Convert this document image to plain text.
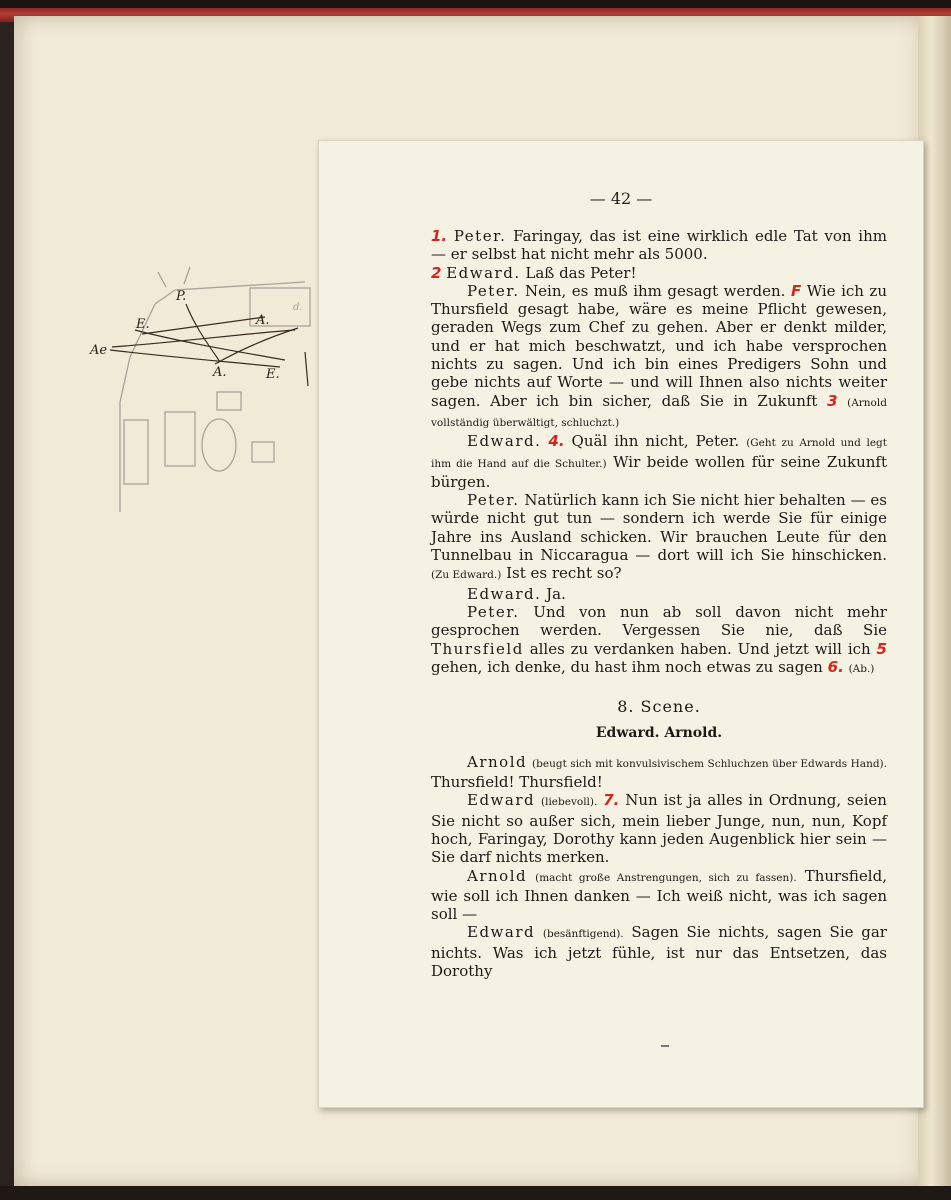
P.
E.	A.
Ae
A.	E.
d.
— 42 —

1. Peter. Faringay, das ist eine wirklich edle Tat von ihm — er selbst hat nicht mehr als 5000.

2 Edward. Laß das Peter!

Peter. Nein, es muß ihm gesagt werden. F Wie ich zu Thursfield gesagt habe, wäre es meine Pflicht gewesen, geraden Wegs zum Chef zu gehen. Aber er denkt milder, und er hat mich beschwatzt, und ich habe versprochen nichts zu sagen. Und ich bin eines Predigers Sohn und gebe nichts auf Worte — und will Ihnen also nichts weiter sagen. Aber ich bin sicher, daß Sie in Zukunft 3 (Arnold vollständig überwältigt, schluchzt.)

Edward. 4. Quäl ihn nicht, Peter. (Geht zu Arnold und legt ihm die Hand auf die Schulter.) Wir beide wollen für seine Zukunft bürgen.

Peter. Natürlich kann ich Sie nicht hier behalten — es würde nicht gut tun — sondern ich werde Sie für einige Jahre ins Ausland schicken. Wir brauchen Leute für den Tunnelbau in Niccaragua — dort will ich Sie hinschicken. (Zu Edward.) Ist es recht so?

Edward. Ja.

Peter. Und von nun ab soll davon nicht mehr gesprochen werden. Vergessen Sie nie, daß Sie Thursfield alles zu verdanken haben. Und jetzt will ich 5 gehen, ich denke, du hast ihm noch etwas zu sagen 6. (Ab.)

8. Scene.

Edward. Arnold.

Arnold (beugt sich mit konvulsivischem Schluchzen über Edwards Hand). Thursfield! Thursfield!

Edward (liebevoll). 7. Nun ist ja alles in Ordnung, seien Sie nicht so außer sich, mein lieber Junge, nun, nun, Kopf hoch, Faringay, Dorothy kann jeden Augenblick hier sein — Sie darf nichts merken.

Arnold (macht große Anstrengungen, sich zu fassen). Thursfield, wie soll ich Ihnen danken — Ich weiß nicht, was ich sagen soll —

Edward (besänftigend). Sagen Sie nichts, sagen Sie gar nichts. Was ich jetzt fühle, ist nur das Entsetzen, das Dorothy
